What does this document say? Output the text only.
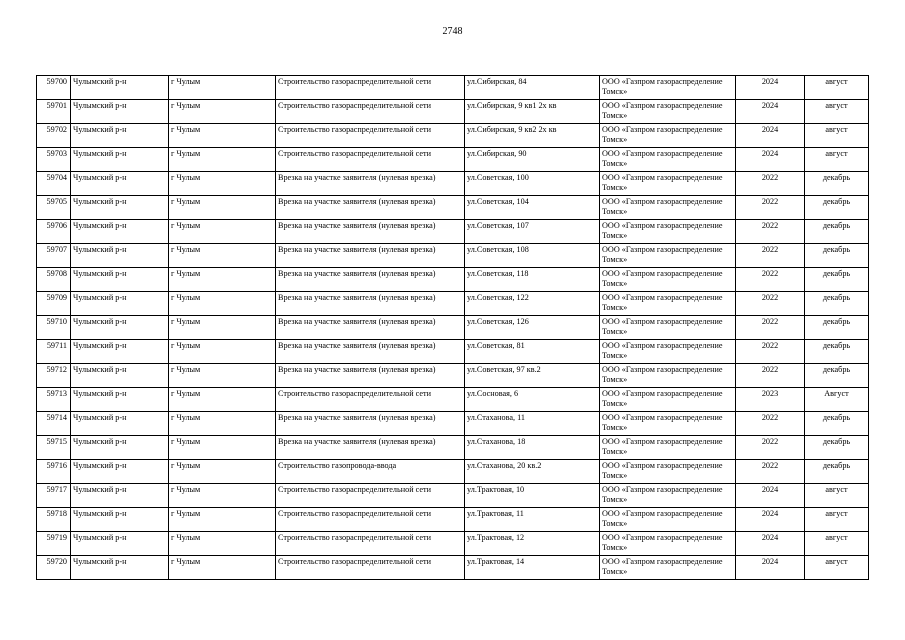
2748
59700	Чулымский р-н	г Чулым	Строительство газораспределительной сети	ул.Сибирская, 84	ООО «Газпром газораспределение Томск»	2024	август
59701	Чулымский р-н	г Чулым	Строительство газораспределительной сети	ул.Сибирская, 9 кв1 2х кв	ООО «Газпром газораспределение Томск»	2024	август
59702	Чулымский р-н	г Чулым	Строительство газораспределительной сети	ул.Сибирская, 9 кв2 2х кв	ООО «Газпром газораспределение Томск»	2024	август
59703	Чулымский р-н	г Чулым	Строительство газораспределительной сети	ул.Сибирская, 90	ООО «Газпром газораспределение Томск»	2024	август
59704	Чулымский р-н	г Чулым	Врезка на участке заявителя (нулевая врезка)	ул.Советская, 100	ООО «Газпром газораспределение Томск»	2022	декабрь
59705	Чулымский р-н	г Чулым	Врезка на участке заявителя (нулевая врезка)	ул.Советская, 104	ООО «Газпром газораспределение Томск»	2022	декабрь
59706	Чулымский р-н	г Чулым	Врезка на участке заявителя (нулевая врезка)	ул.Советская, 107	ООО «Газпром газораспределение Томск»	2022	декабрь
59707	Чулымский р-н	г Чулым	Врезка на участке заявителя (нулевая врезка)	ул.Советская, 108	ООО «Газпром газораспределение Томск»	2022	декабрь
59708	Чулымский р-н	г Чулым	Врезка на участке заявителя (нулевая врезка)	ул.Советская, 118	ООО «Газпром газораспределение Томск»	2022	декабрь
59709	Чулымский р-н	г Чулым	Врезка на участке заявителя (нулевая врезка)	ул.Советская, 122	ООО «Газпром газораспределение Томск»	2022	декабрь
59710	Чулымский р-н	г Чулым	Врезка на участке заявителя (нулевая врезка)	ул.Советская, 126	ООО «Газпром газораспределение Томск»	2022	декабрь
59711	Чулымский р-н	г Чулым	Врезка на участке заявителя (нулевая врезка)	ул.Советская, 81	ООО «Газпром газораспределение Томск»	2022	декабрь
59712	Чулымский р-н	г Чулым	Врезка на участке заявителя (нулевая врезка)	ул.Советская, 97 кв.2	ООО «Газпром газораспределение Томск»	2022	декабрь
59713	Чулымский р-н	г Чулым	Строительство газораспределительной сети	ул.Сосновая, 6	ООО «Газпром газораспределение Томск»	2023	Август
59714	Чулымский р-н	г Чулым	Врезка на участке заявителя (нулевая врезка)	ул.Стаханова, 11	ООО «Газпром газораспределение Томск»	2022	декабрь
59715	Чулымский р-н	г Чулым	Врезка на участке заявителя (нулевая врезка)	ул.Стаханова, 18	ООО «Газпром газораспределение Томск»	2022	декабрь
59716	Чулымский р-н	г Чулым	Строительство газопровода-ввода	ул.Стаханова, 20 кв.2	ООО «Газпром газораспределение Томск»	2022	декабрь
59717	Чулымский р-н	г Чулым	Строительство газораспределительной сети	ул.Трактовая, 10	ООО «Газпром газораспределение Томск»	2024	август
59718	Чулымский р-н	г Чулым	Строительство газораспределительной сети	ул.Трактовая, 11	ООО «Газпром газораспределение Томск»	2024	август
59719	Чулымский р-н	г Чулым	Строительство газораспределительной сети	ул.Трактовая, 12	ООО «Газпром газораспределение Томск»	2024	август
59720	Чулымский р-н	г Чулым	Строительство газораспределительной сети	ул.Трактовая, 14	ООО «Газпром газораспределение Томск»	2024	август
